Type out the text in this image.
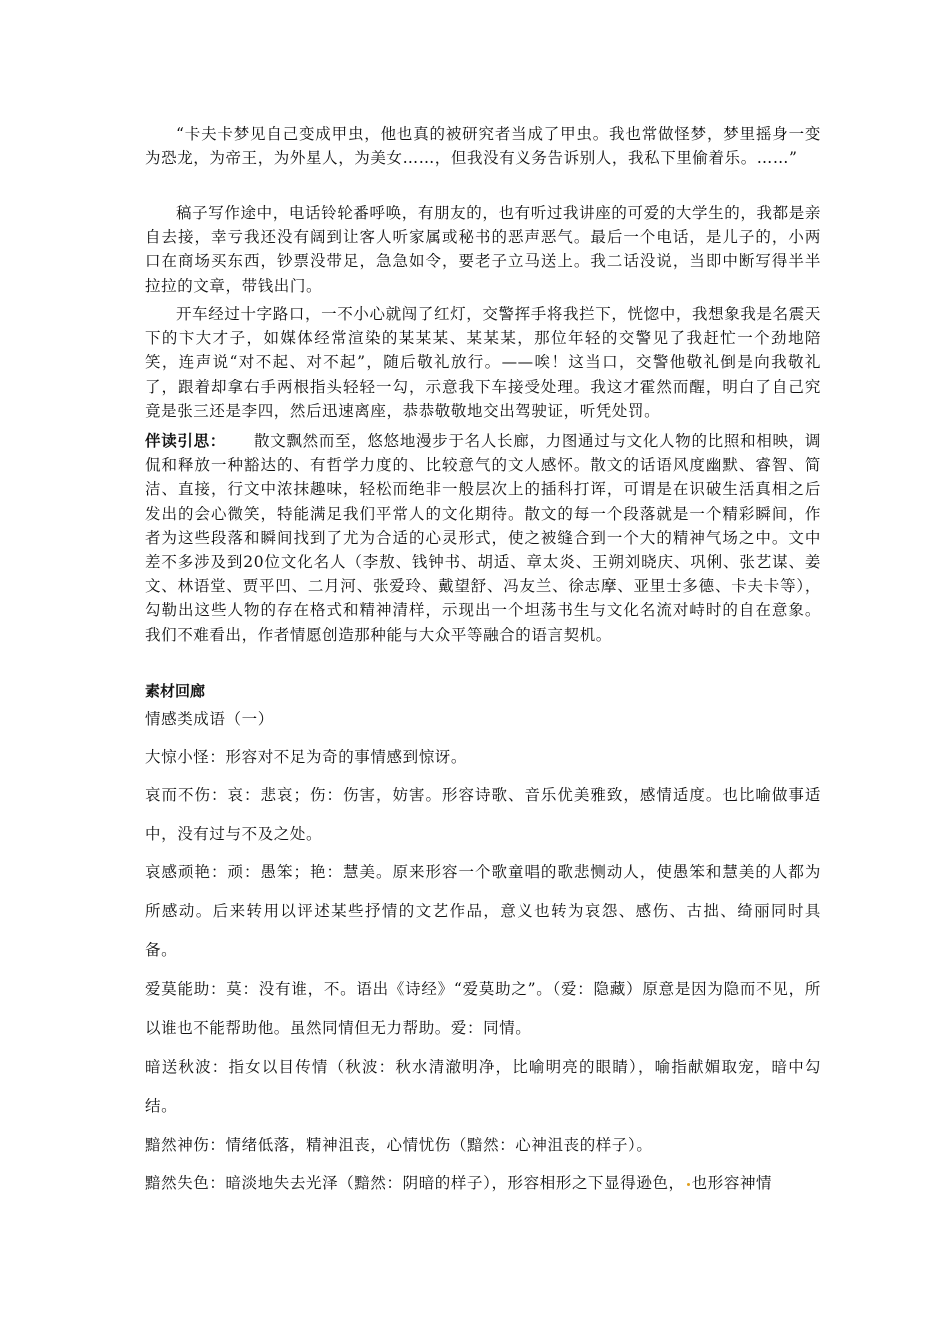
“卡夫卡梦见自己变成甲虫，他也真的被研究者当成了甲虫。我也常做怪梦，梦里摇身一变为恐龙，为帝王，为外星人，为美女……，但我没有义务告诉别人，我私下里偷着乐。……”

稿子写作途中，电话铃轮番呼唤，有朋友的，也有听过我讲座的可爱的大学生的，我都是亲自去接，幸亏我还没有阔到让客人听家属或秘书的恶声恶气。最后一个电话，是儿子的，小两口在商场买东西，钞票没带足，急急如令，要老子立马送上。我二话没说，当即中断写得半半拉拉的文章，带钱出门。

开车经过十字路口，一不小心就闯了红灯，交警挥手将我拦下，恍惚中，我想象我是名震天下的卞大才子，如媒体经常渲染的某某某、某某某，那位年轻的交警见了我赶忙一个劲地陪笑，连声说“对不起、对不起”，随后敬礼放行。——唉！这当口，交警他敬礼倒是向我敬礼了，跟着却拿右手两根指头轻轻一勾，示意我下车接受处理。我这才霍然而醒，明白了自己究竟是张三还是李四，然后迅速离座，恭恭敬敬地交出驾驶证，听凭处罚。

伴读引思： 散文飘然而至，悠悠地漫步于名人长廊，力图通过与文化人物的比照和相映，调侃和释放一种豁达的、有哲学力度的、比较意气的文人感怀。散文的话语风度幽默、睿智、简洁、直接，行文中浓抹趣味，轻松而绝非一般层次上的插科打诨，可谓是在识破生活真相之后发出的会心微笑，特能满足我们平常人的文化期待。散文的每一个段落就是一个精彩瞬间，作者为这些段落和瞬间找到了尤为合适的心灵形式，使之被缝合到一个大的精神气场之中。文中差不多涉及到20位文化名人（李敖、钱钟书、胡适、章太炎、王朔刘晓庆、巩俐、张艺谋、姜文、林语堂、贾平凹、二月河、张爱玲、戴望舒、冯友兰、徐志摩、亚里士多德、卡夫卡等），勾勒出这些人物的存在格式和精神清样，示现出一个坦荡书生与文化名流对峙时的自在意象。我们不难看出，作者情愿创造那种能与大众平等融合的语言契机。

素材回廊

情感类成语（一）

大惊小怪：形容对不足为奇的事情感到惊讶。

哀而不伤：哀：悲哀；伤：伤害，妨害。形容诗歌、音乐优美雅致，感情适度。也比喻做事适中，没有过与不及之处。

哀感顽艳：顽：愚笨；艳：慧美。原来形容一个歌童唱的歌悲恻动人，使愚笨和慧美的人都为所感动。后来转用以评述某些抒情的文艺作品，意义也转为哀怨、感伤、古拙、绮丽同时具备。

爱莫能助：莫：没有谁，不。语出《诗经》“爱莫助之”。（爱：隐藏）原意是因为隐而不见，所以谁也不能帮助他。虽然同情但无力帮助。爱：同情。

暗送秋波：指女以目传情（秋波：秋水清澈明净，比喻明亮的眼睛），喻指献媚取宠，暗中勾结。

黯然神伤：情绪低落，精神沮丧，心情忧伤（黯然：心神沮丧的样子）。

黯然失色：暗淡地失去光泽（黯然：阴暗的样子），形容相形之下显得逊色， 也形容神情
